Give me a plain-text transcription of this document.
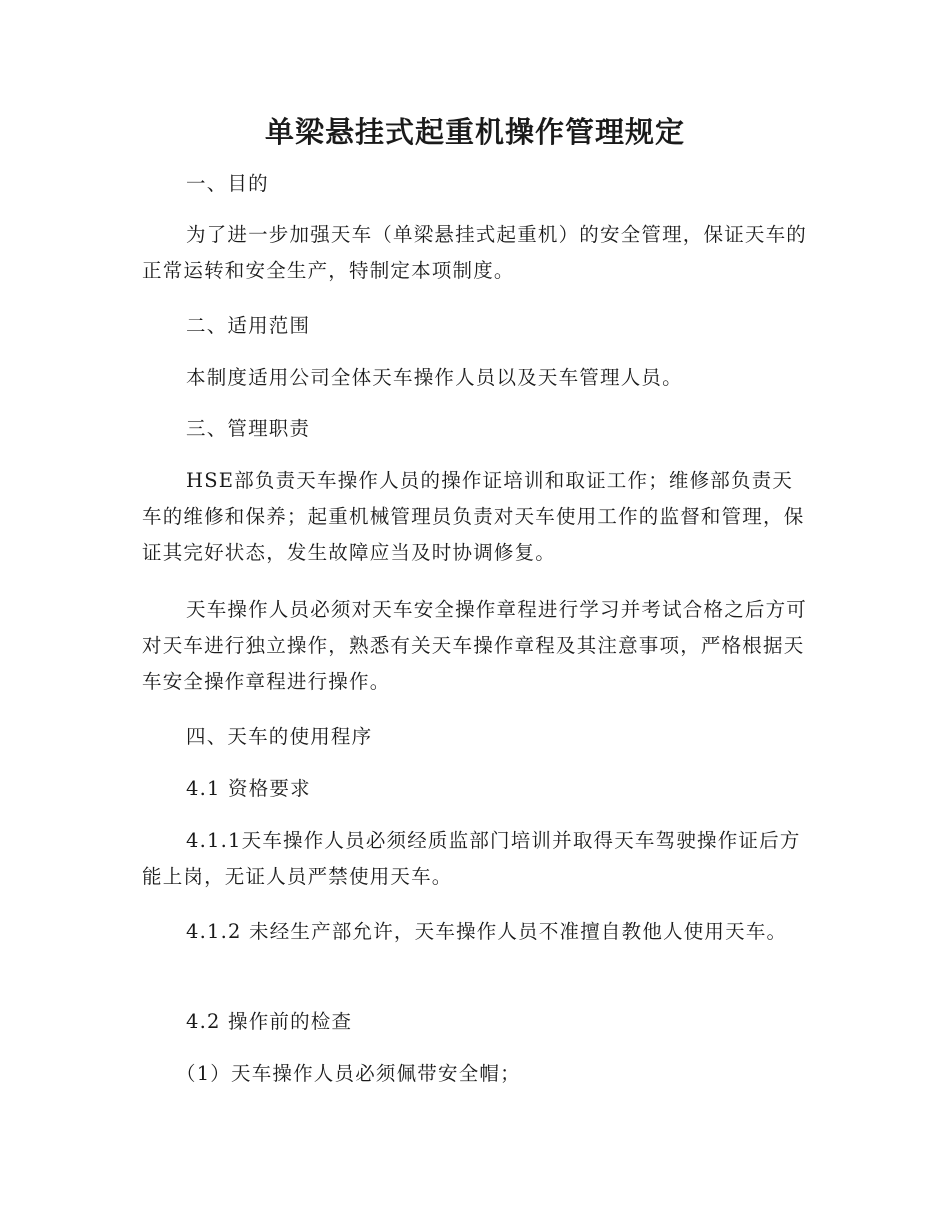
单梁悬挂式起重机操作管理规定

一、目的

为了进一步加强天车（单梁悬挂式起重机）的安全管理，保证天车的正常运转和安全生产，特制定本项制度。

二、适用范围

本制度适用公司全体天车操作人员以及天车管理人员。

三、管理职责

HSE部负责天车操作人员的操作证培训和取证工作；维修部负责天车的维修和保养；起重机械管理员负责对天车使用工作的监督和管理，保证其完好状态，发生故障应当及时协调修复。

天车操作人员必须对天车安全操作章程进行学习并考试合格之后方可对天车进行独立操作，熟悉有关天车操作章程及其注意事项，严格根据天车安全操作章程进行操作。

四、天车的使用程序

4.1 资格要求

4.1.1天车操作人员必须经质监部门培训并取得天车驾驶操作证后方能上岗，无证人员严禁使用天车。

4.1.2 未经生产部允许，天车操作人员不准擅自教他人使用天车。

4.2 操作前的检查

（1）天车操作人员必须佩带安全帽；
